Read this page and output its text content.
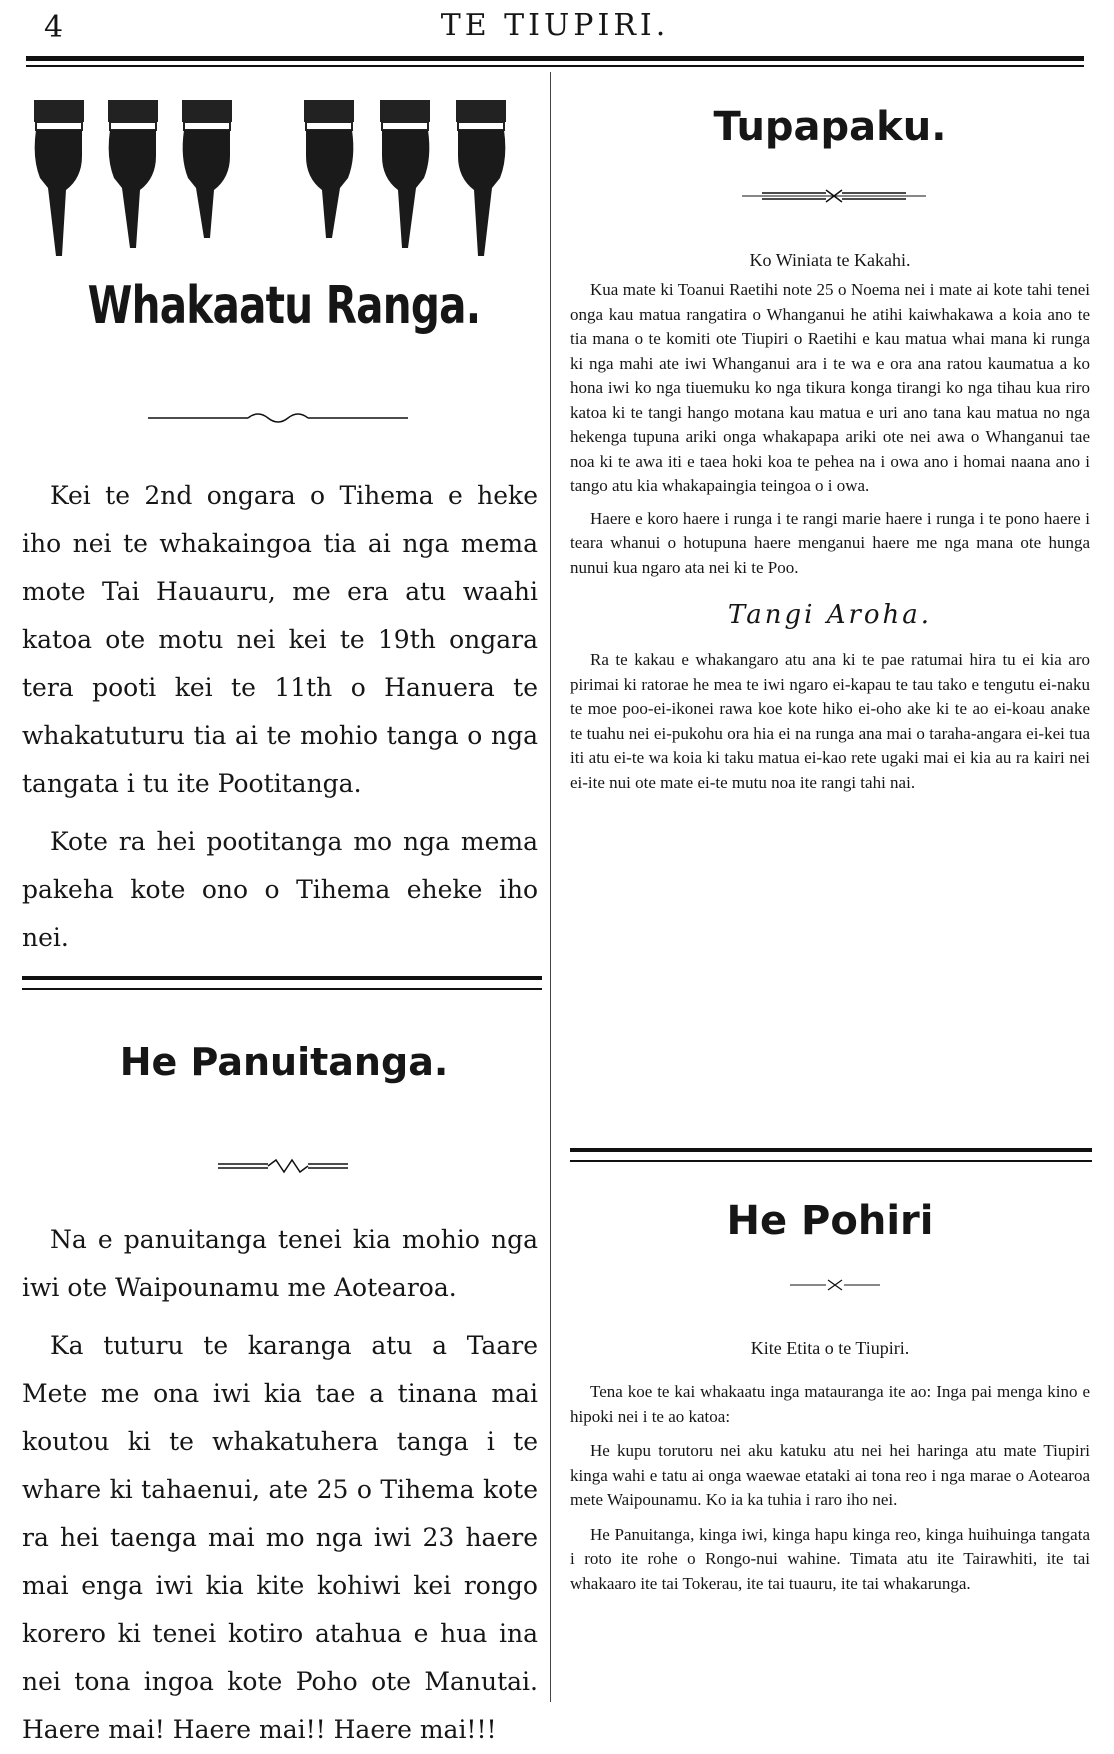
4	TE TIUPIRI.
Whakaatu Ranga.

Kei te 2nd ongara o Tihema e heke iho nei te whakaingoa tia ai nga mema mote Tai Hauauru, me era atu waahi katoa ote motu nei kei te 19th ongara tera pooti kei te 11th o Hanuera te whakatuturu tia ai te mohio tanga o nga tangata i tu ite Pootitanga.

Kote ra hei pootitanga mo nga mema pakeha kote ono o Tihema eheke iho nei.

He Panuitanga.

Na e panuitanga tenei kia mohio nga iwi ote Waipounamu me Aotearoa.

Ka tuturu te karanga atu a Taare Mete me ona iwi kia tae a tinana mai koutou ki te whakatuhera tanga i te whare ki tahaenui, ate 25 o Tihema kote ra hei taenga mai mo nga iwi 23 haere mai enga iwi kia kite kohiwi kei rongo korero ki tenei kotiro atahua e hua ina nei tona ingoa kote Poho ote Manutai. Haere mai! Haere mai!! Haere mai!!!

Tupapaku.
Ko Winiata te Kakahi.

Kua mate ki Toanui Raetihi note 25 o Noema nei i mate ai kote tahi tenei onga kau matua rangatira o Whanganui he atihi kaiwhakawa a koia ano te tia mana o te komiti ote Tiupiri o Raetihi e kau matua whai mana ki runga ki nga mahi ate iwi Whanganui ara i te wa e ora ana ratou kaumatua a ko hona iwi ko nga tiuemuku ko nga tikura konga tirangi ko nga tihau kua riro katoa ki te tangi hango motana kau matua e uri ano tana kau matua no nga hekenga tupuna ariki onga whakapapa ariki ote nei awa o Whanganui tae noa ki te awa iti e taea hoki koa te pehea na i owa ano i homai naana ano i tango atu kia whakapaingia teingoa o i owa.

Haere e koro haere i runga i te rangi marie haere i runga i te pono haere i teara whanui o hotupuna haere menganui haere me nga mana ote hunga nunui kua ngaro ata nei ki te Poo.

Tangi Aroha.

Ra te kakau e whakangaro atu ana ki te pae ratumai hira tu ei kia aro pirimai ki ratorae he mea te iwi ngaro ei-kapau te tau tako e tengutu ei-naku te moe poo-ei-ikonei rawa koe kote hiko ei-oho ake ki te ao ei-koau anake te tuahu nei ei-pukohu ora hia ei na runga ana mai o taraha-angara ei-kei tua iti atu ei-te wa koia ki taku matua ei-kao rete ugaki mai ei kia au ra kairi nei ei-ite nui ote mate ei-te mutu noa ite rangi tahi nai.

He Pohiri
Kite Etita o te Tiupiri.

Tena koe te kai whakaatu inga matauranga ite ao: Inga pai menga kino e hipoki nei i te ao katoa:

He kupu torutoru nei aku katuku atu nei hei haringa atu mate Tiupiri kinga wahi e tatu ai onga waewae etataki ai tona reo i nga marae o Aotearoa mete Waipounamu. Ko ia ka tuhia i raro iho nei.

He Panuitanga, kinga iwi, kinga hapu kinga reo, kinga huihuinga tangata i roto ite rohe o Rongo-nui wahine. Timata atu ite Tairawhiti, ite tai whakaaro ite tai Tokerau, ite tai tuauru, ite tai whakarunga.
